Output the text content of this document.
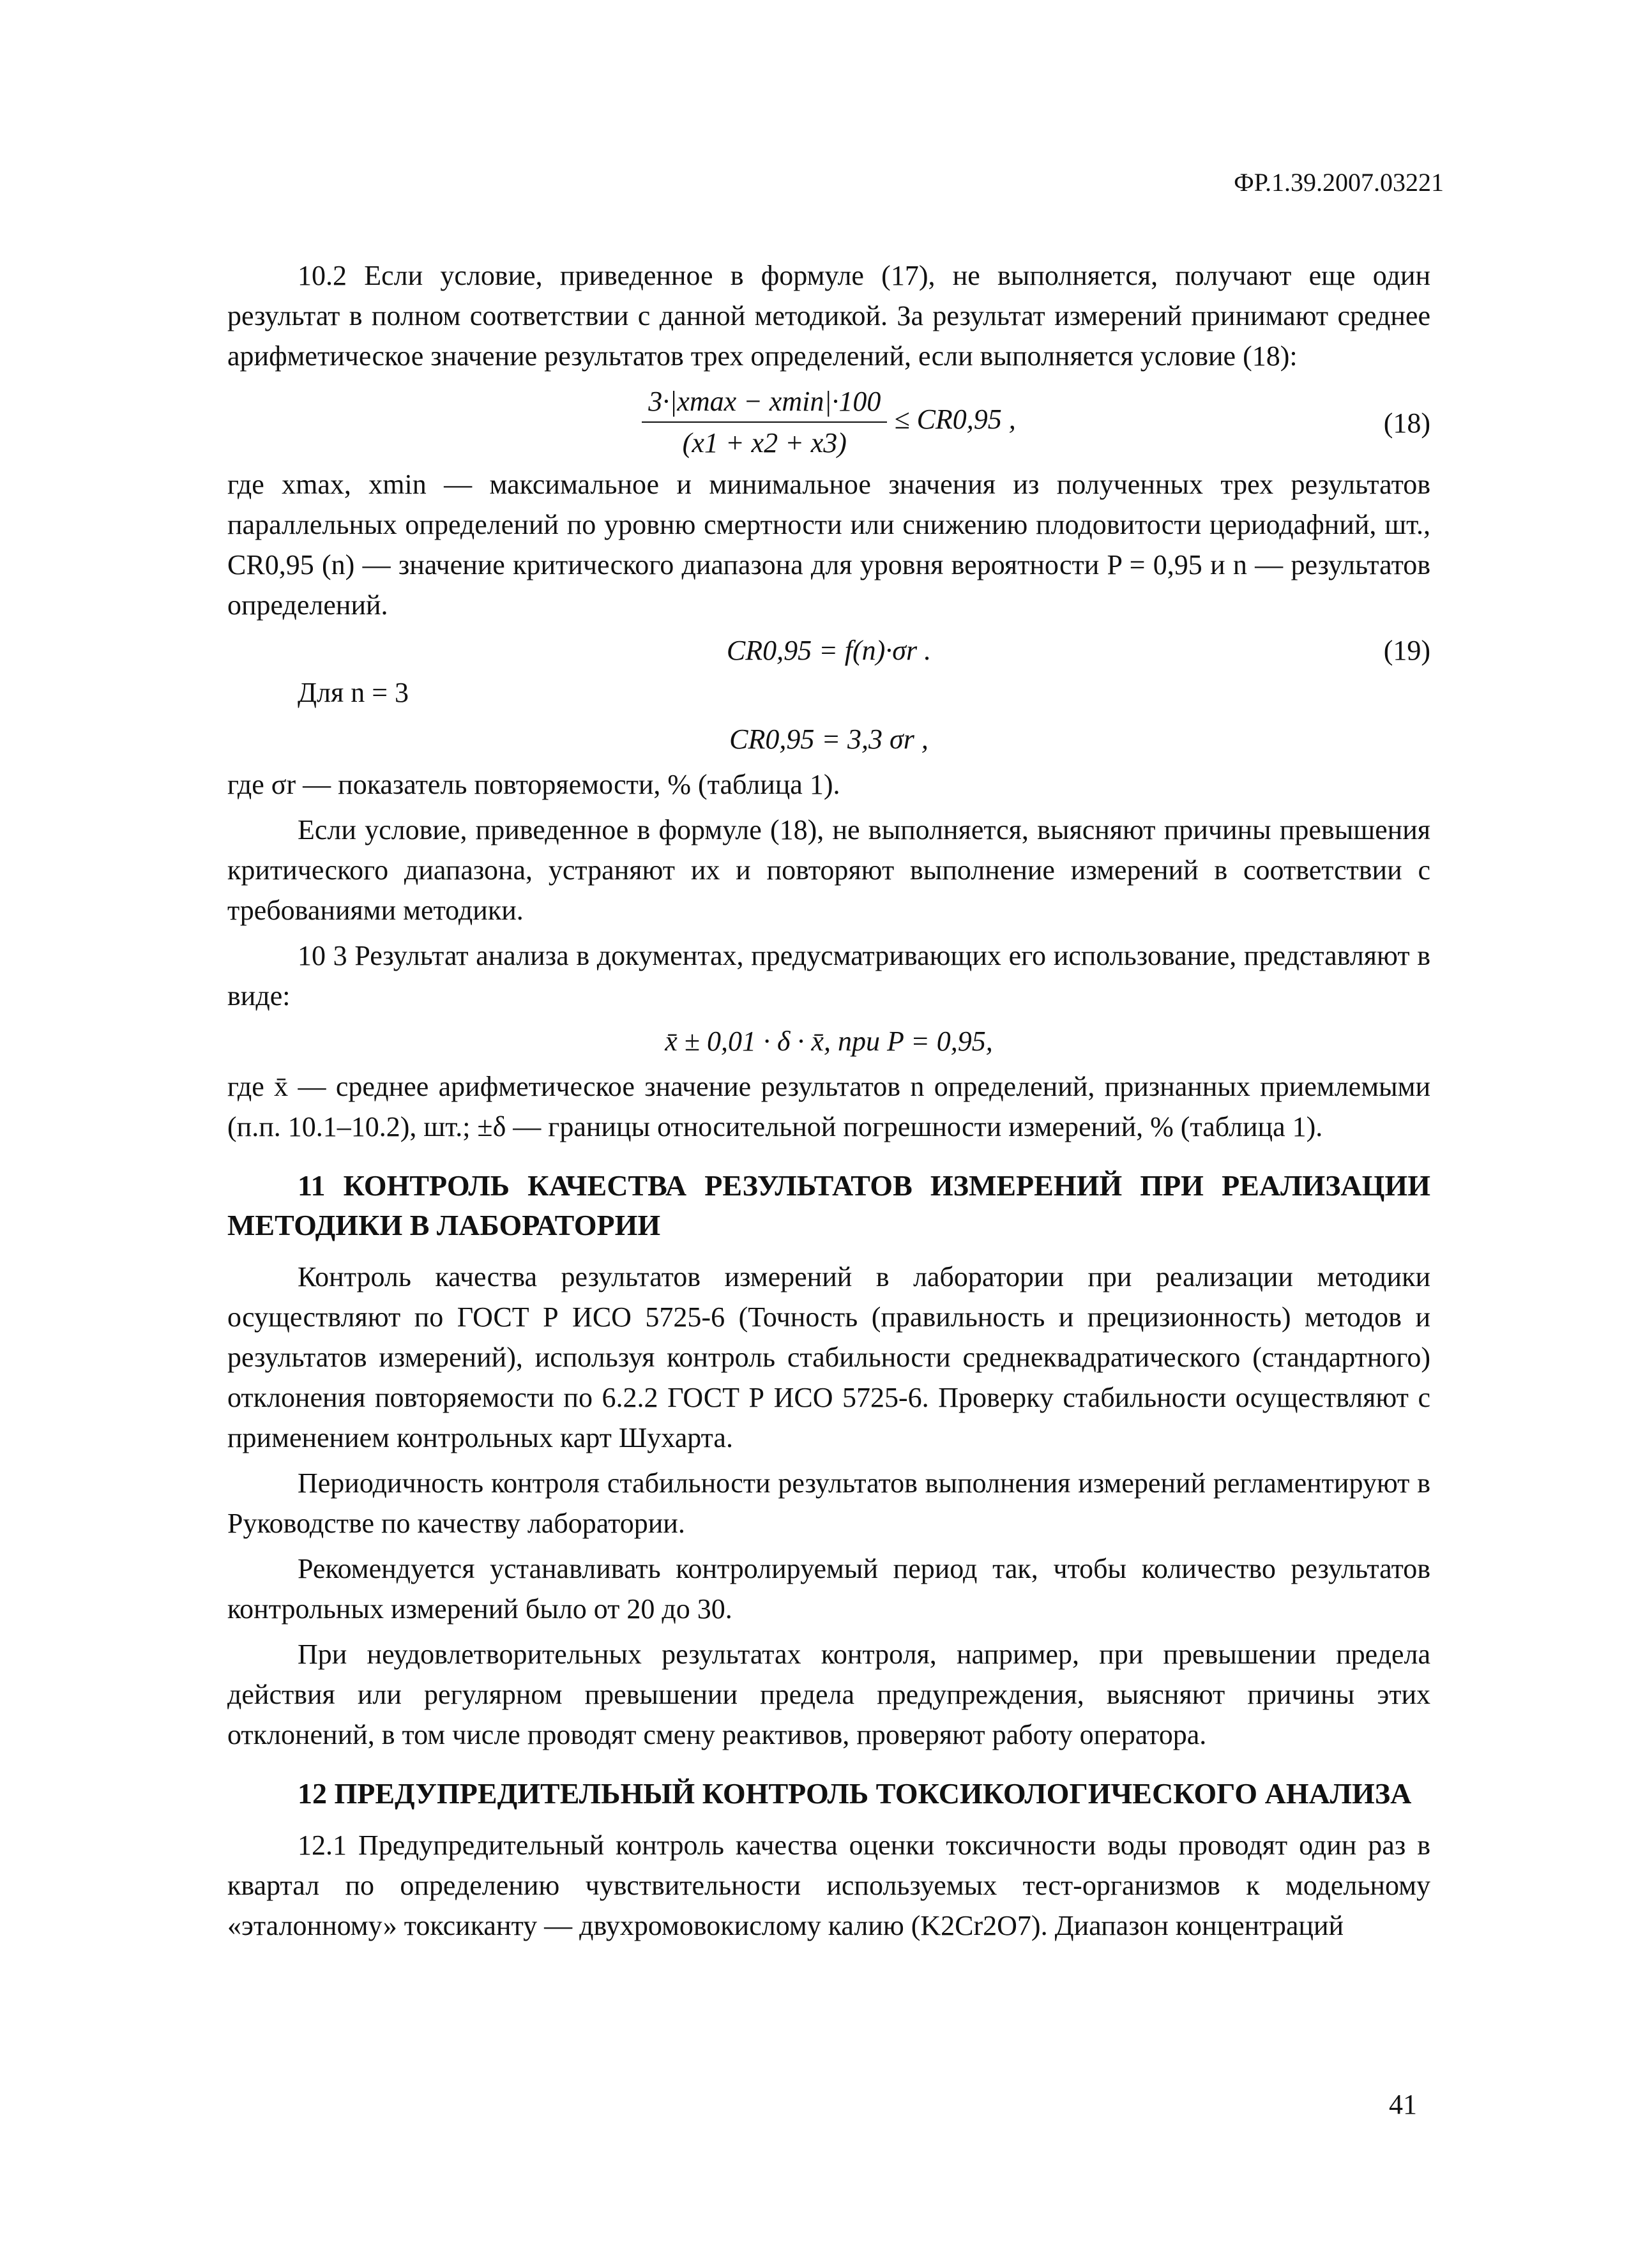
ФР.1.39.2007.03221

10.2 Если условие, приведенное в формуле (17), не выполняется, получают еще один результат в полном соответствии с данной методикой. За результат измерений принимают среднее арифметическое значение результатов трех определений, если выполняется условие (18):

$\frac{3\cdot|xmax - xmin|\cdot 100}{(x1 + x2 + x3)} \le CR0,95$ ,	(18)

где xmax, xmin — максимальное и минимальное значения из полученных трех результатов параллельных определений по уровню смертности или снижению плодовитости цериодафний, шт., CR0,95 (n) — значение критического диапазона для уровня вероятности P = 0,95 и n — результатов определений.

CR0,95 = f(n)·σr .	(19)

Для n = 3

CR0,95 = 3,3 σr ,

где σr — показатель повторяемости, % (таблица 1).

Если условие, приведенное в формуле (18), не выполняется, выясняют причины превышения критического диапазона, устраняют их и повторяют выполнение измерений в соответствии с требованиями методики.

10 3 Результат анализа в документах, предусматривающих его использование, представляют в виде:

x̄ ± 0,01 · δ · x̄, при P = 0,95,

где x̄ — среднее арифметическое значение результатов n определений, признанных приемлемыми (п.п. 10.1–10.2), шт.; ±δ — границы относительной погрешности измерений, % (таблица 1).

11 КОНТРОЛЬ КАЧЕСТВА РЕЗУЛЬТАТОВ ИЗМЕРЕНИЙ ПРИ РЕАЛИЗАЦИИ МЕТОДИКИ В ЛАБОРАТОРИИ

Контроль качества результатов измерений в лаборатории при реализации методики осуществляют по ГОСТ Р ИСО 5725-6 (Точность (правильность и прецизионность) методов и результатов измерений), используя контроль стабильности среднеквадратического (стандартного) отклонения повторяемости по 6.2.2 ГОСТ Р ИСО 5725-6. Проверку стабильности осуществляют с применением контрольных карт Шухарта.

Периодичность контроля стабильности результатов выполнения измерений регламентируют в Руководстве по качеству лаборатории.

Рекомендуется устанавливать контролируемый период так, чтобы количество результатов контрольных измерений было от 20 до 30.

При неудовлетворительных результатах контроля, например, при превышении предела действия или регулярном превышении предела предупреждения, выясняют причины этих отклонений, в том числе проводят смену реактивов, проверяют работу оператора.

12 ПРЕДУПРЕДИТЕЛЬНЫЙ КОНТРОЛЬ ТОКСИКОЛОГИЧЕСКОГО АНАЛИЗА

12.1 Предупредительный контроль качества оценки токсичности воды проводят один раз в квартал по определению чувствительности используемых тест-организмов к модельному «эталонному» токсиканту — двухромовокислому калию (K2Cr2O7). Диапазон концентраций

41
